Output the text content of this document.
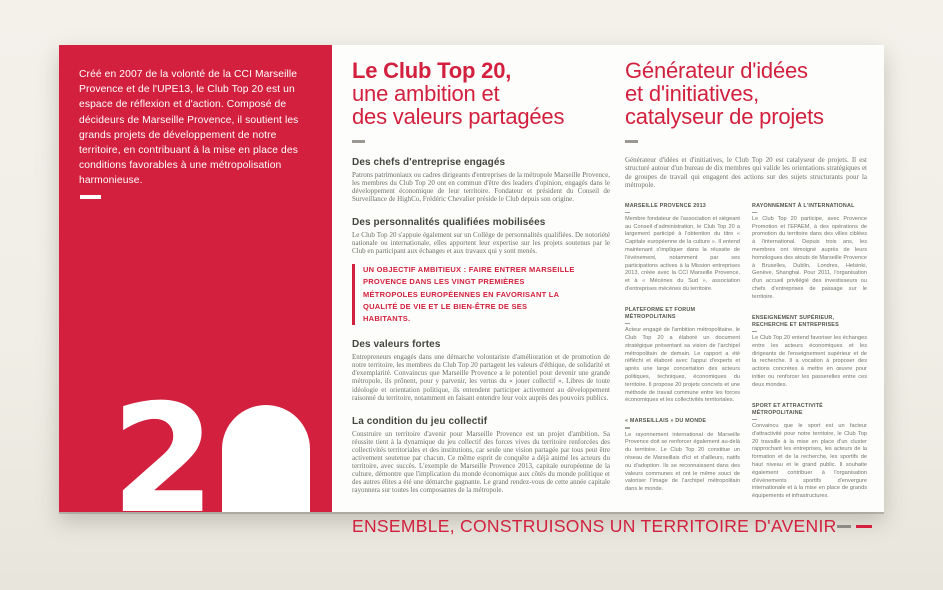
Créé en 2007 de la volonté de la CCI Marseille Provence et de l'UPE13, le Club Top 20 est un espace de réflexion et d'action. Composé de décideurs de Marseille Provence, il soutient les grands projets de développement de notre territoire, en contribuant à la mise en place des conditions favorables à une métropolisation harmonieuse.
2
Le Club Top 20,
une ambition et
des valeurs partagées
Des chefs d'entreprise engagés
Patrons patrimoniaux ou cadres dirigeants d'entreprises de la métropole Marseille Provence, les membres du Club Top 20 ont en commun d'être des leaders d'opinion, engagés dans le développement économique de leur territoire. Fondateur et président du Conseil de Surveillance de HighCo, Frédéric Chevalier préside le Club depuis son origine.
Des personnalités qualifiées mobilisées
Le Club Top 20 s'appuie également sur un Collège de personnalités qualifiées. De notoriété nationale ou internationale, elles apportent leur expertise sur les projets soutenus par le Club en participant aux échanges et aux travaux qui y sont menés.
UN OBJECTIF AMBITIEUX : FAIRE ENTRER MARSEILLE PROVENCE DANS LES VINGT PREMIÈRES MÉTROPOLES EUROPÉENNES EN FAVORISANT LA QUALITÉ DE VIE ET LE BIEN-ÊTRE DE SES HABITANTS.
Des valeurs fortes
Entrepreneurs engagés dans une démarche volontariste d'amélioration et de promotion de notre territoire, les membres du Club Top 20 partagent les valeurs d'éthique, de solidarité et d'exemplarité. Convaincus que Marseille Provence a le potentiel pour devenir une grande métropole, ils prônent, pour y parvenir, les vertus du « jouer collectif ». Libres de toute idéologie et orientation politique, ils entendent participer activement au développement raisonné du territoire, notamment en faisant entendre leur voix auprès des pouvoirs publics.
La condition du jeu collectif
Construire un territoire d'avenir pour Marseille Provence est un projet d'ambition. Sa réussite tient à la dynamique du jeu collectif des forces vives du territoire renforcées des collectivités territoriales et des institutions, car seule une vision partagée par tous peut être activement soutenue par chacun. Ce même esprit de conquête a déjà animé les acteurs du territoire, avec succès. L'exemple de Marseille Provence 2013, capitale européenne de la culture, démontre que l'implication du monde économique aux côtés du monde politique et des autres élites a été une démarche gagnante. Le grand rendez-vous de cette année capitale rayonnera sur toutes les composantes de la métropole.
Générateur d'idées
et d'initiatives,
catalyseur de projets
Générateur d'idées et d'initiatives, le Club Top 20 est catalyseur de projets. Il est structuré autour d'un bureau de dix membres qui valide les orientations stratégiques et de groupes de travail qui engagent des actions sur des sujets structurants pour la métropole.
MARSEILLE PROVENCE 2013
Membre fondateur de l'association et siégeant au Conseil d'administration, le Club Top 20 a largement participé à l'obtention du titre « Capitale européenne de la culture ». Il entend maintenant s'impliquer dans la réussite de l'événement, notamment par ses participations actives à la Mission entreprises 2013, créée avec la CCI Marseille Provence, et à « Mécènes du Sud », association d'entreprises mécènes du territoire.
PLATEFORME ET FORUM MÉTROPOLITAINS
Acteur engagé de l'ambition métropolitaine, le Club Top 20 a élaboré un document stratégique présentant sa vision de l'archipel métropolitain de demain. Le rapport a été réfléchi et élaboré avec l'appui d'experts et après une large concertation des acteurs politiques, techniques, économiques du territoire. Il propose 20 projets concrets et une méthode de travail commune entre les forces économiques et les collectivités territoriales.
« MARSEILLAIS » DU MONDE
Le rayonnement international de Marseille Provence doit se renforcer également au-delà du territoire. Le Club Top 20 constitue un réseau de Marseillais d'ici et d'ailleurs, natifs ou d'adoption. Ils se reconnaissent dans des valeurs communes et ont le même souci de valoriser l'image de l'archipel métropolitain dans le monde.
RAYONNEMENT À L'INTERNATIONAL
Le Club Top 20 participe, avec Provence Promotion et l'EPAEM, à des opérations de promotion du territoire dans des villes ciblées à l'international. Depuis trois ans, les membres ont témoigné auprès de leurs homologues des atouts de Marseille Provence à Bruxelles, Dublin, Londres, Helsinki, Genève, Shanghai. Pour 2011, l'organisation d'un accueil privilégié des investisseurs ou chefs d'entreprises de passage sur le territoire.
ENSEIGNEMENT SUPÉRIEUR, RECHERCHE ET ENTREPRISES
Le Club Top 20 entend favoriser les échanges entre les acteurs économiques et les dirigeants de l'enseignement supérieur et de la recherche. Il a vocation à proposer des actions concrètes à mettre en œuvre pour initier ou renforcer les passerelles entre ces deux mondes.
SPORT ET ATTRACTIVITÉ MÉTROPOLITAINE
Convaincu que le sport est un facteur d'attractivité pour notre territoire, le Club Top 20 travaille à la mise en place d'un cluster rapprochant les entreprises, les acteurs de la formation et de la recherche, les sportifs de haut niveau et le grand public. Il souhaite également contribuer à l'organisation d'événements sportifs d'envergure internationale et à la mise en place de grands équipements et infrastructures.
ENSEMBLE, CONSTRUISONS UN TERRITOIRE D'AVENIR
